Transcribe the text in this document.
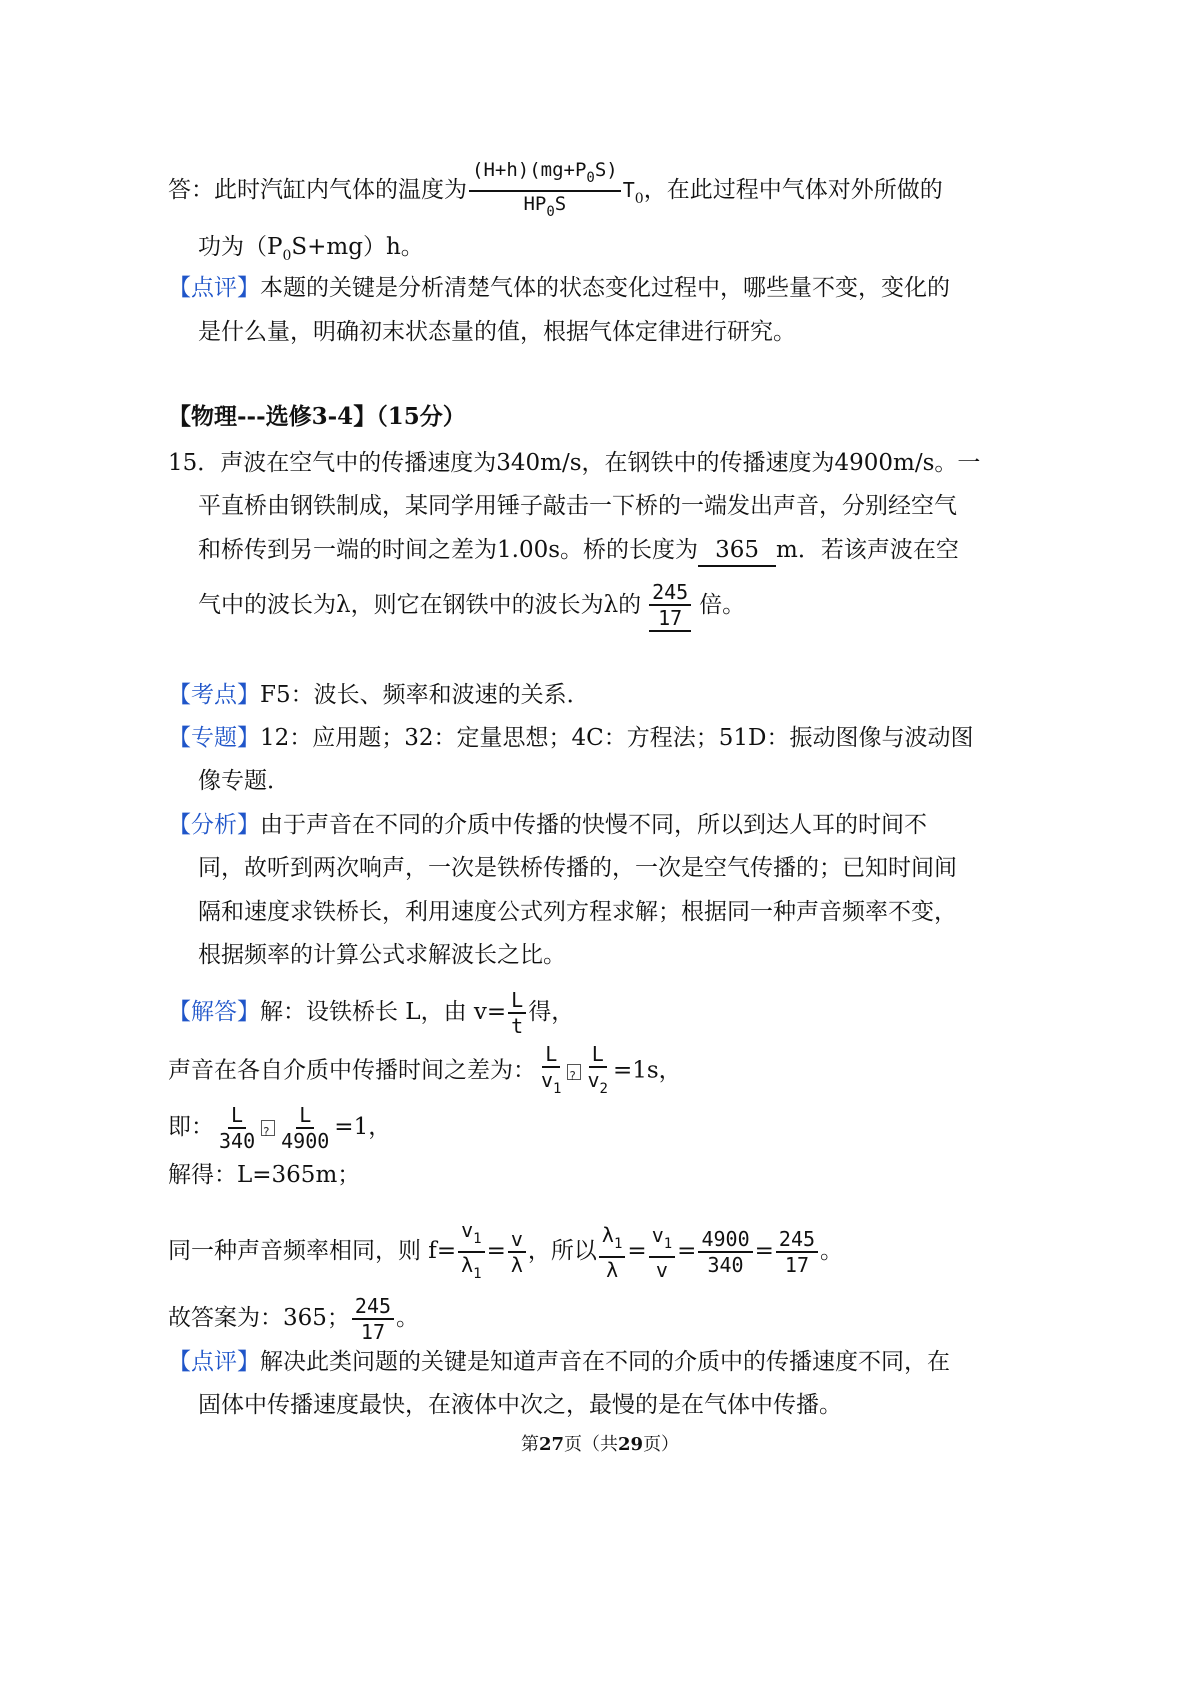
答：此时汽缸内气体的温度为 $\frac{(H+h)(mg+P_0S)}{HP_0S} T_0$，在此过程中气体对外所做的
功为$(P_0S+mg)h$。
【点评】本题的关键是分析清楚气体的状态变化过程中，哪些量不变，变化的
是什么量，明确初末状态量的值，根据气体定律进行研究。
【物理---选修3-4】（15分）
15．声波在空气中的传播速度为340m/s，在钢铁中的传播速度为4900m/s。一
平直桥由钢铁制成，某同学用锤子敲击一下桥的一端发出声音，分别经空气
和桥传到另一端的时间之差为1.00s。桥的长度为 365 m．若该声波在空
气中的波长为λ，则它在钢铁中的波长为λ的 $\frac{245}{17}$ 倍。
【考点】F5：波长、频率和波速的关系．
【专题】12：应用题；32：定量思想；4C：方程法；51D：振动图像与波动图
像专题．
【分析】由于声音在不同的介质中传播的快慢不同，所以到达人耳的时间不
同，故听到两次响声，一次是铁桥传播的，一次是空气传播的；已知时间间
隔和速度求铁桥长，利用速度公式列方程求解；根据同一种声音频率不变，
根据频率的计算公式求解波长之比。
【解答】解：设铁桥长 L，由 $v= \frac{L}{t}$ 得，
声音在各自介质中传播时间之差为： $\frac{L}{v_1}$
? $\frac{L}{v_2} =1s$，
即： $\frac{L}{340}$
? $\frac{L}{4900} =1$，
解得：L=365m；
同一种声音频率相同，则 $f= \frac{v_1}{\lambda_1} = \frac{v}{\lambda}$ ，所以 $\frac{\lambda_1}{\lambda} = \frac{v_1}{v} = \frac{4900}{340} = \frac{245}{17}$ 。
故答案为：365； $\frac{245}{17}$ 。
【点评】解决此类问题的关键是知道声音在不同的介质中的传播速度不同，在
固体中传播速度最快，在液体中次之，最慢的是在气体中传播。
第27页（共29页）
